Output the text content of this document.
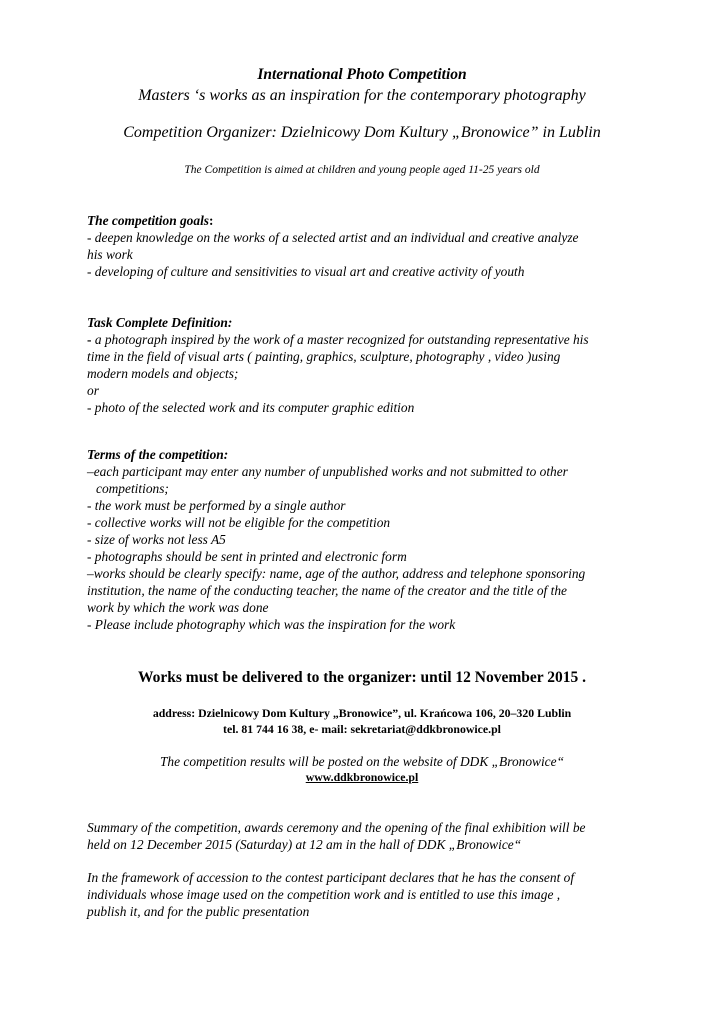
International Photo Competition
Masters ‘s works as an inspiration for the contemporary photography
Competition Organizer: Dzielnicowy Dom Kultury „Bronowice” in Lublin
The Competition is aimed at children and young people aged 11-25 years old
The competition goals:
- deepen knowledge on the works of a selected artist and an individual and creative analyze
his work
- developing of culture and sensitivities to visual art and creative activity of youth
Task Complete Definition:
- a photograph inspired by the work of a master recognized for outstanding representative his
time in the field of visual arts ( painting, graphics, sculpture, photography , video )using
modern models and objects;
or
- photo of the selected work and its computer graphic edition
Terms of the competition:
–each participant may enter any number of unpublished works and not submitted to other
competitions;
- the work must be performed by a single author
- collective works will not be eligible for the competition
- size of works not less A5
- photographs should be sent in printed and electronic form
–works should be clearly specify: name, age of the author, address and telephone sponsoring
institution, the name of the conducting teacher, the name of the creator and the title of the
work by which the work was done
- Please include photography which was the inspiration for the work
Works must be delivered to the organizer: until 12 November 2015 .
address: Dzielnicowy Dom Kultury „Bronowice”, ul. Krańcowa 106, 20–320 Lublin
tel. 81 744 16 38, e- mail: sekretariat@ddkbronowice.pl
The competition results will be posted on the website of DDK „Bronowice“
www.ddkbronowice.pl
Summary of the competition, awards ceremony and the opening of the final exhibition will be
held on 12 December 2015 (Saturday) at 12 am in the hall of DDK „Bronowice“
In the framework of accession to the contest participant declares that he has the consent of
individuals whose image used on the competition work and is entitled to use this image ,
publish it, and for the public presentation
